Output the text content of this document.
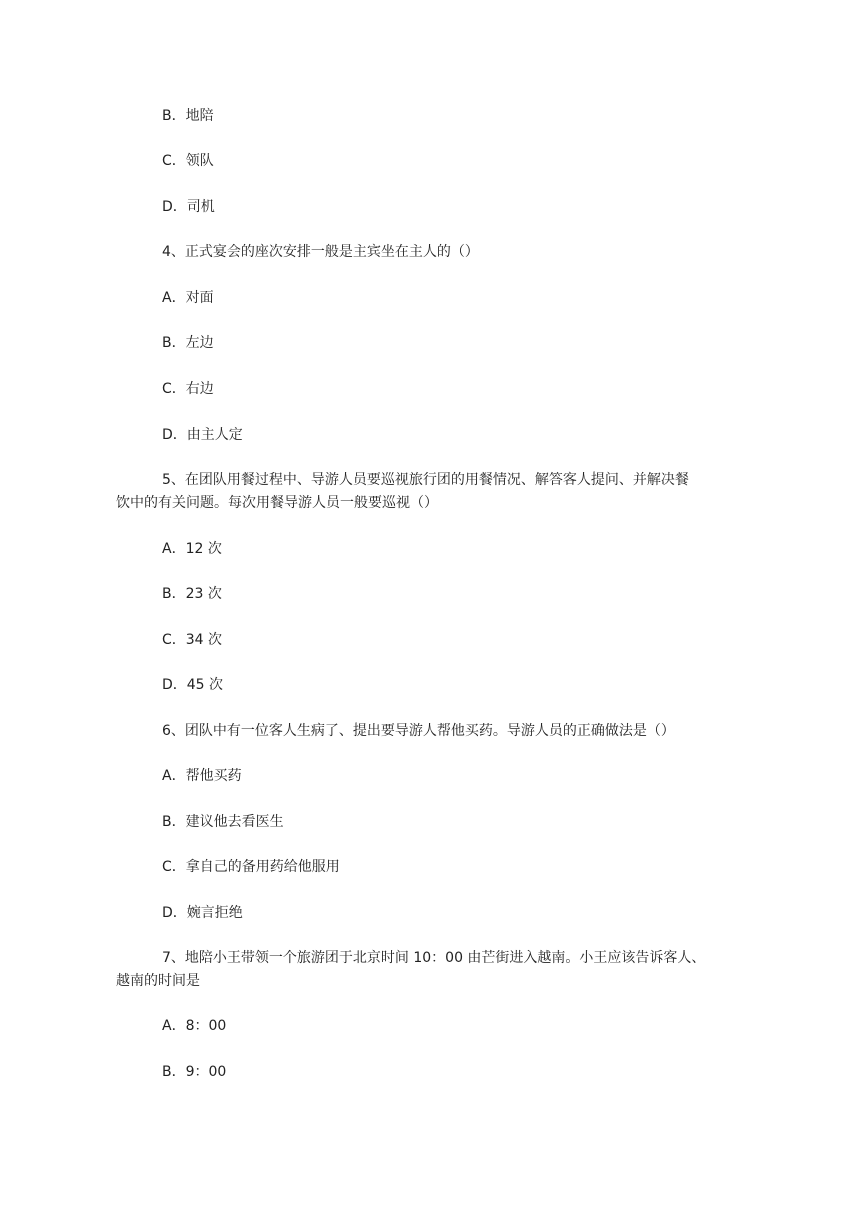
B．地陪
C．领队
D．司机
4、正式宴会的座次安排一般是主宾坐在主人的（）
A．对面
B．左边
C．右边
D．由主人定
5、在团队用餐过程中、导游人员要巡视旅行团的用餐情况、解答客人提问、并解决餐
饮中的有关问题。每次用餐导游人员一般要巡视（）
A．12 次
B．23 次
C．34 次
D．45 次
6、团队中有一位客人生病了、提出要导游人帮他买药。导游人员的正确做法是（）
A．帮他买药
B．建议他去看医生
C．拿自己的备用药给他服用
D．婉言拒绝
7、地陪小王带领一个旅游团于北京时间 10：00 由芒街进入越南。小王应该告诉客人、
越南的时间是
A．8：00
B．9：00
